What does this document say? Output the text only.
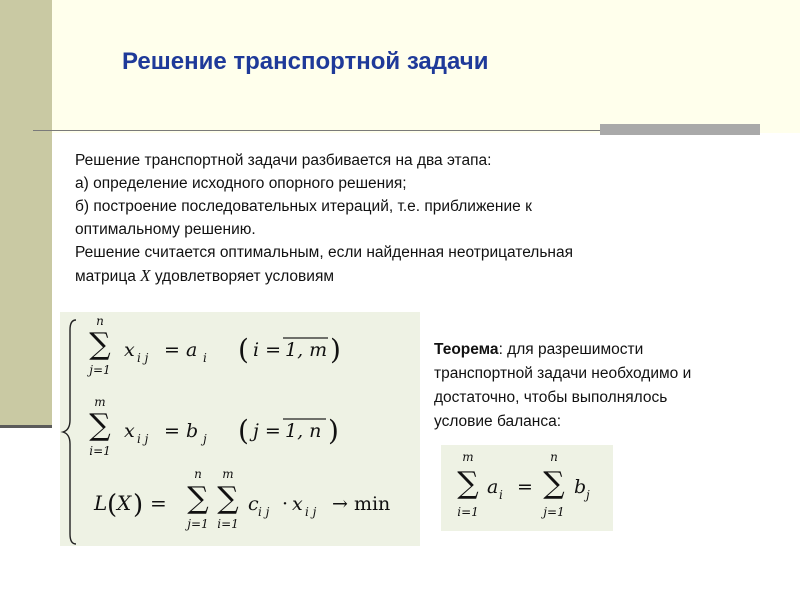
Решение транспортной задачи
Решение транспортной задачи разбивается на два этапа:
а) определение исходного опорного решения;
б) построение последовательных итераций, т.е. приближение к
оптимальному решению.
Решение считается оптимальным, если найденная неотрицательная
матрица X удовлетворяет условиям
n
∑
j=1
x i j = a i ( i = 1, m )
m
∑
i=1
x i j = b j ( j = 1, n )
L ( X ) =
n
∑
j=1
m
∑
i=1
c i j · x i j → min
Теорема: для разрешимости
транспортной задачи необходимо и
достаточно, чтобы выполнялось
условие баланса:
m
∑
i=1
a i =
n
∑
j=1
b j
